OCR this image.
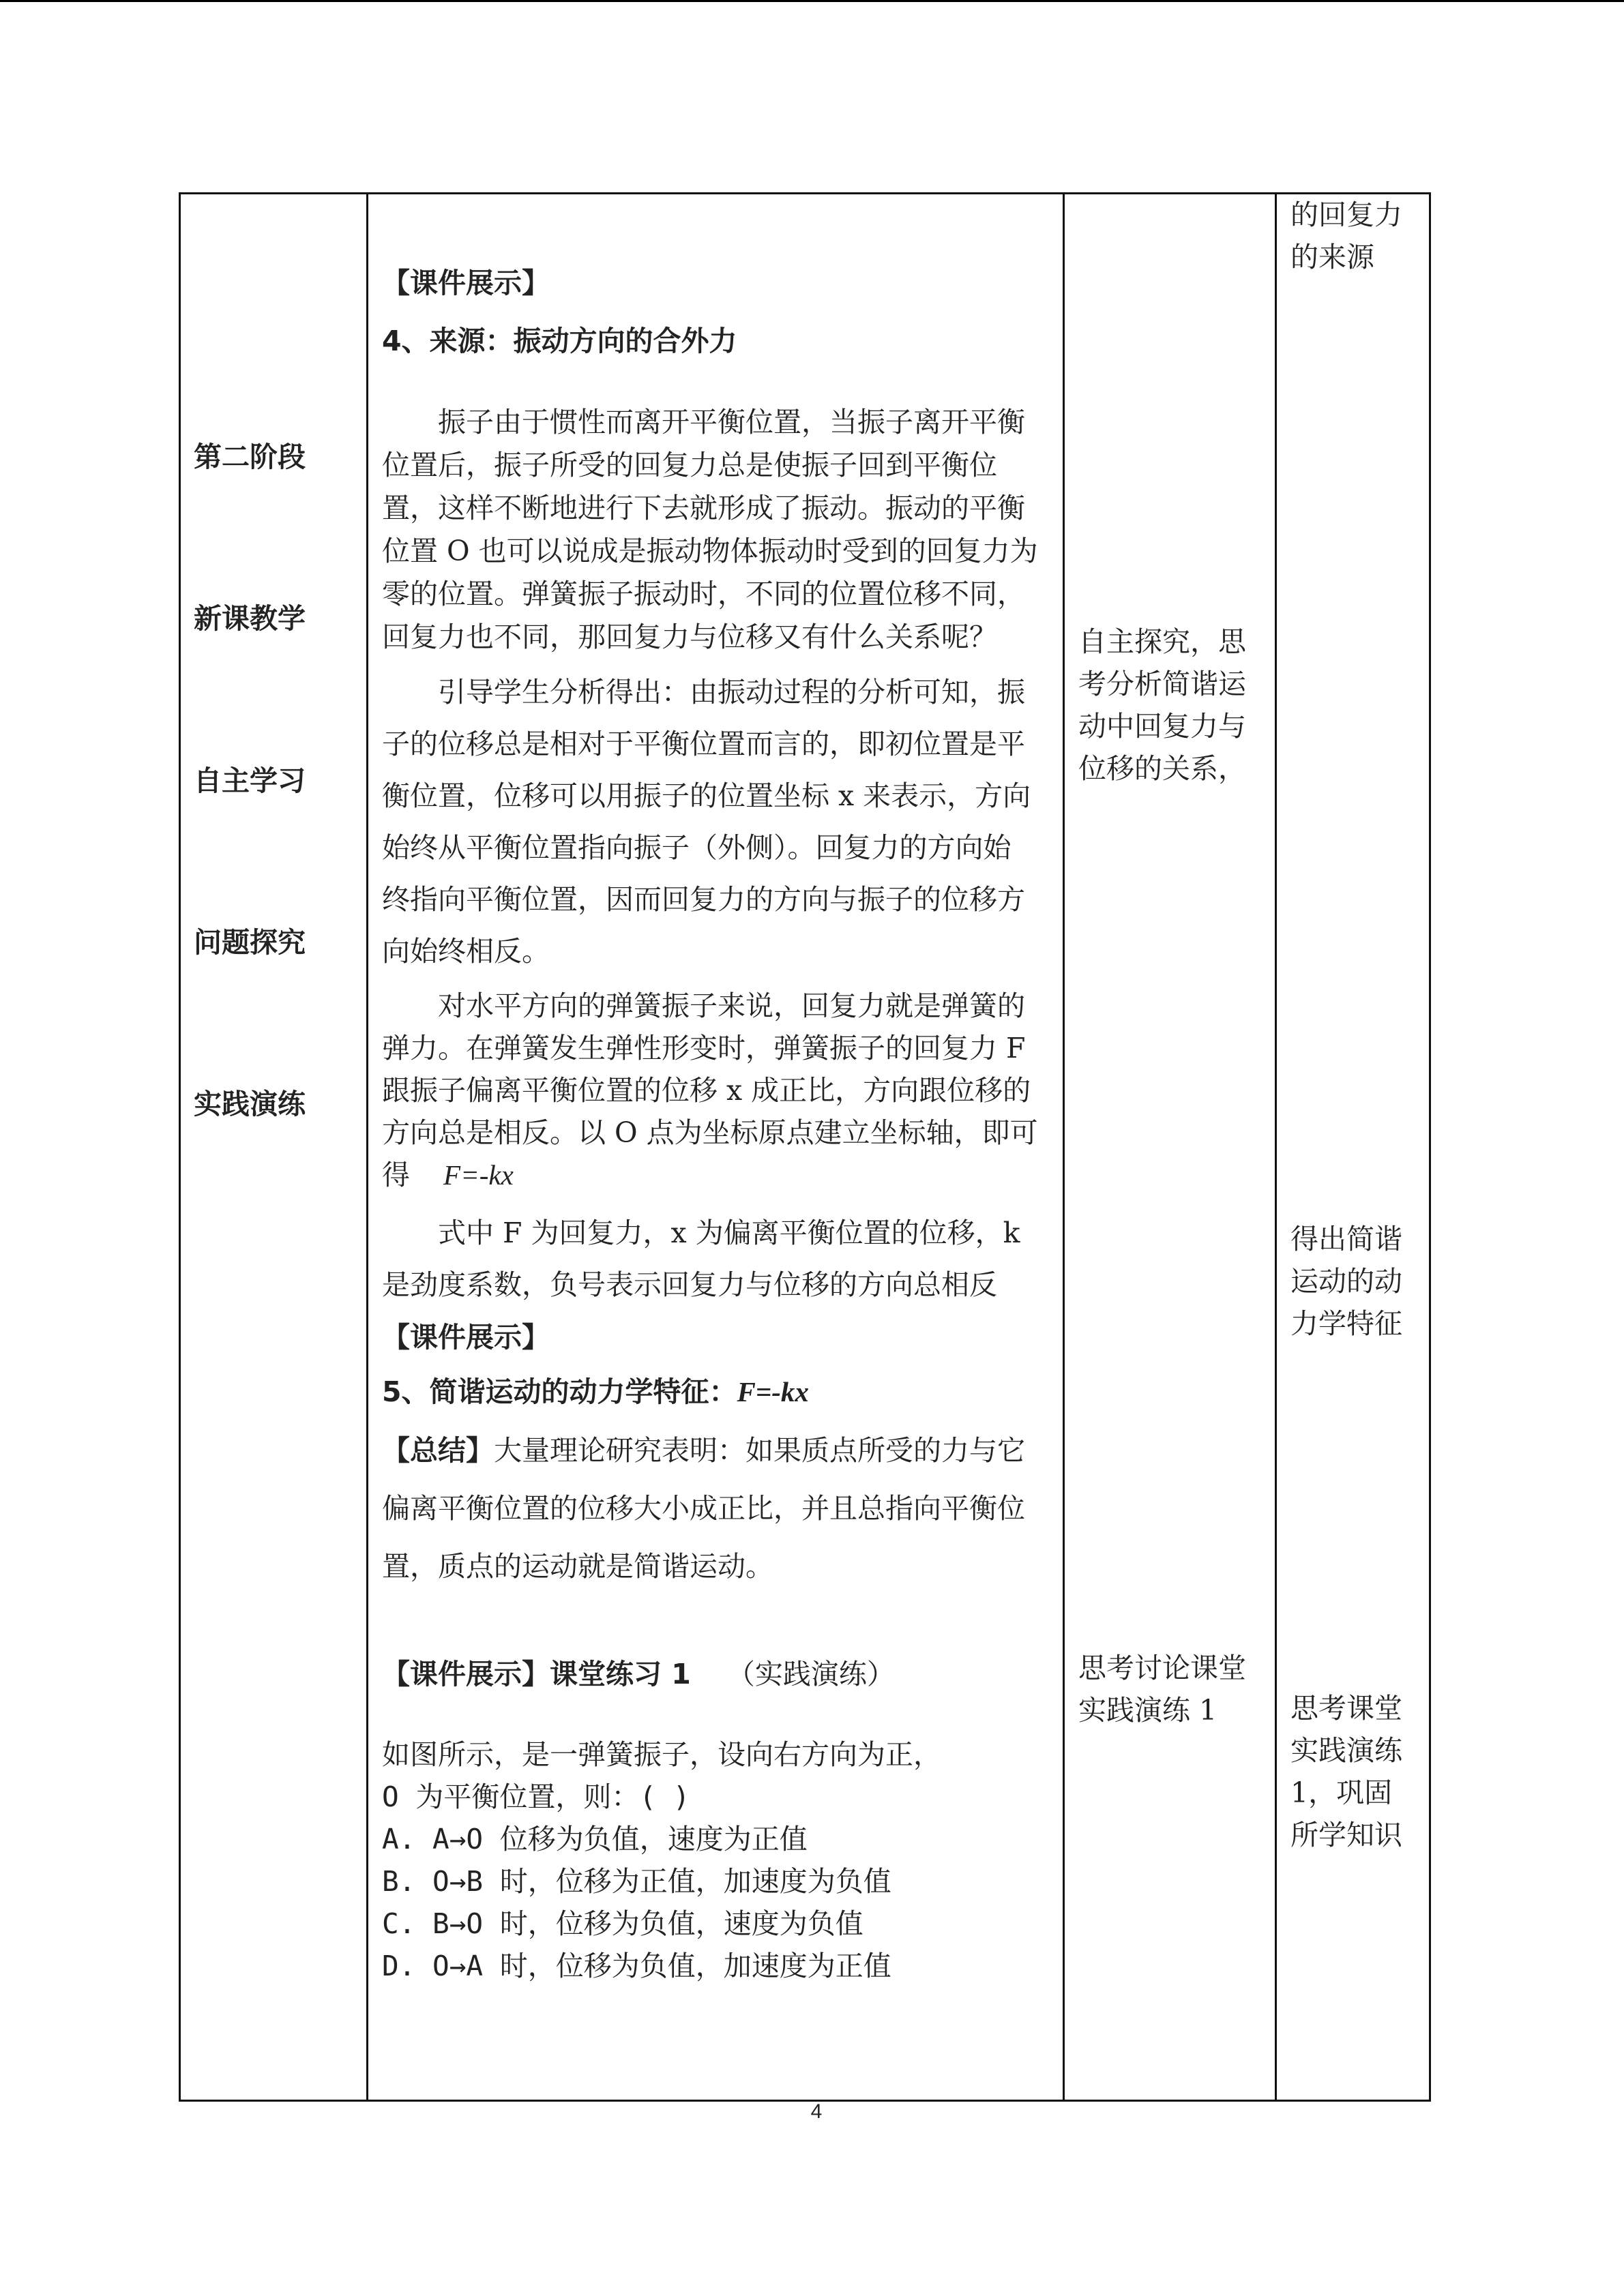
第二阶段
新课教学
自主学习
问题探究
实践演练
【课件展示】
4、来源：振动方向的合外力
振子由于惯性而离开平衡位置，当振子离开平衡
位置后，振子所受的回复力总是使振子回到平衡位
置，这样不断地进行下去就形成了振动。振动的平衡
位置 O 也可以说成是振动物体振动时受到的回复力为
零的位置。弹簧振子振动时，不同的位置位移不同，
回复力也不同，那回复力与位移又有什么关系呢？
引导学生分析得出：由振动过程的分析可知，振
子的位移总是相对于平衡位置而言的，即初位置是平
衡位置，位移可以用振子的位置坐标 x 来表示，方向
始终从平衡位置指向振子（外侧）。回复力的方向始
终指向平衡位置，因而回复力的方向与振子的位移方
向始终相反。
对水平方向的弹簧振子来说，回复力就是弹簧的
弹力。在弹簧发生弹性形变时，弹簧振子的回复力 F
跟振子偏离平衡位置的位移 x 成正比，方向跟位移的
方向总是相反。以 O 点为坐标原点建立坐标轴，即可
得 F=-kx
式中 F 为回复力，x 为偏离平衡位置的位移，k
是劲度系数，负号表示回复力与位移的方向总相反
【课件展示】
5、简谐运动的动力学特征：F=-kx
【总结】大量理论研究表明：如果质点所受的力与它
偏离平衡位置的位移大小成正比，并且总指向平衡位
置，质点的运动就是简谐运动。
【课件展示】课堂练习 1 （实践演练）
如图所示，是一弹簧振子，设向右方向为正，
O 为平衡位置，则：( )
A. A→O 位移为负值，速度为正值
B. O→B 时，位移为正值，加速度为负值
C. B→O 时，位移为负值，速度为负值
D. O→A 时，位移为负值，加速度为正值
自主探究，思
考分析简谐运
动中回复力与
位移的关系，
思考讨论课堂
实践演练 1
的回复力
的来源
得出简谐
运动的动
力学特征
思考课堂
实践演练
1，巩固
所学知识
4
